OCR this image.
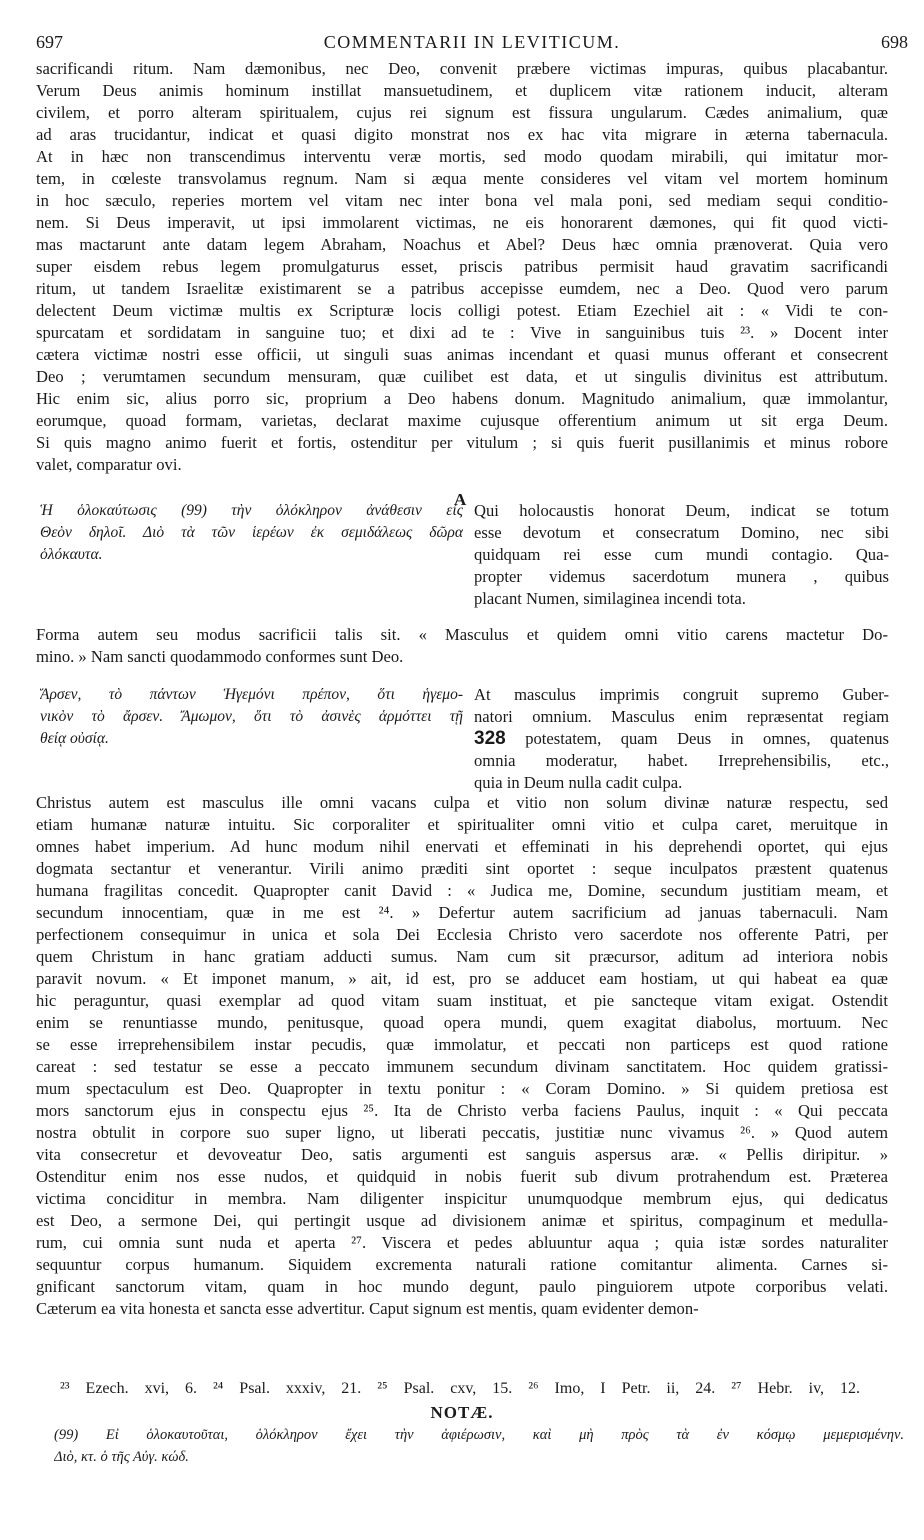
697	COMMENTARII IN LEVITICUM.	698
sacrificandi ritum. Nam dæmonibus, nec Deo, convenit præbere victimas impuras, quibus placabantur.
Verum Deus animis hominum instillat mansuetudinem, et duplicem vitæ rationem inducit, alteram
civilem, et porro alteram spiritualem, cujus rei signum est fissura ungularum. Cædes animalium, quæ
ad aras trucidantur, indicat et quasi digito monstrat nos ex hac vita migrare in æterna tabernacula.
At in hæc non transcendimus interventu veræ mortis, sed modo quodam mirabili, qui imitatur mor-
tem, in cœleste transvolamus regnum. Nam si æqua mente consideres vel vitam vel mortem hominum
in hoc sæculo, reperies mortem vel vitam nec inter bona vel mala poni, sed mediam sequi conditio-
nem. Si Deus imperavit, ut ipsi immolarent victimas, ne eis honorarent dæmones, qui fit quod victi-
mas mactarunt ante datam legem Abraham, Noachus et Abel? Deus hæc omnia prænoverat. Quia vero
super eisdem rebus legem promulgaturus esset, priscis patribus permisit haud gravatim sacrificandi
ritum, ut tandem Israelitæ existimarent se a patribus accepisse eumdem, nec a Deo. Quod vero parum
delectent Deum victimæ multis ex Scripturæ locis colligi potest. Etiam Ezechiel ait : « Vidi te con-
spurcatam et sordidatam in sanguine tuo; et dixi ad te : Vive in sanguinibus tuis ²³. » Docent inter
cætera victimæ nostri esse officii, ut singuli suas animas incendant et quasi munus offerant et consecrent
Deo ; verumtamen secundum mensuram, quæ cuilibet est data, et ut singulis divinitus est attributum.
Hic enim sic, alius porro sic, proprium a Deo habens donum. Magnitudo animalium, quæ immolantur,
eorumque, quoad formam, varietas, declarat maxime cujusque offerentium animum ut sit erga Deum.
Si quis magno animo fuerit et fortis, ostenditur per vitulum ; si quis fuerit pusillanimis et minus robore
valet, comparatur ovi.
Ἡ ὁλοκαύτωσις (99) τὴν ὁλόκληρον ἀνάθεσιν εἰς
Θεὸν δηλοῖ. Διὸ τὰ τῶν ἱερέων ἐκ σεμιδάλεως δῶρα
ὁλόκαυτα.
A
Qui holocaustis honorat Deum, indicat se totum
esse devotum et consecratum Domino, nec sibi
quidquam rei esse cum mundi contagio. Qua-
propter videmus sacerdotum munera , quibus
placant Numen, similaginea incendi tota.
Forma autem seu modus sacrificii talis sit. « Masculus et quidem omni vitio carens mactetur Do-
mino. » Nam sancti quodammodo conformes sunt Deo.
Ἄρσεν, τὸ πάντων Ἡγεμόνι πρέπον, ὅτι ἡγεμο-
νικὸν τὸ ἄρσεν. Ἄμωμον, ὅτι τὸ ἀσινὲς ἁρμόττει τῇ
θείᾳ οὐσίᾳ.
At masculus imprimis congruit supremo Guber-
natori omnium. Masculus enim repræsentat regiam
328 potestatem, quam Deus in omnes, quatenus
omnia moderatur, habet. Irreprehensibilis, etc.,
quia in Deum nulla cadit culpa.
Christus autem est masculus ille omni vacans culpa et vitio non solum divinæ naturæ respectu, sed
etiam humanæ naturæ intuitu. Sic corporaliter et spiritualiter omni vitio et culpa caret, meruitque in
omnes habet imperium. Ad hunc modum nihil enervati et effeminati in his deprehendi oportet, qui ejus
dogmata sectantur et venerantur. Virili animo præditi sint oportet : seque inculpatos præstent quatenus
humana fragilitas concedit. Quapropter canit David : « Judica me, Domine, secundum justitiam meam, et
secundum innocentiam, quæ in me est ²⁴. » Defertur autem sacrificium ad januas tabernaculi. Nam
perfectionem consequimur in unica et sola Dei Ecclesia Christo vero sacerdote nos offerente Patri, per
quem Christum in hanc gratiam adducti sumus. Nam cum sit præcursor, aditum ad interiora nobis
paravit novum. « Et imponet manum, » ait, id est, pro se adducet eam hostiam, ut qui habeat ea quæ
hic peraguntur, quasi exemplar ad quod vitam suam instituat, et pie sancteque vitam exigat. Ostendit
enim se renuntiasse mundo, penitusque, quoad opera mundi, quem exagitat diabolus, mortuum. Nec
se esse irreprehensibilem instar pecudis, quæ immolatur, et peccati non particeps est quod ratione
careat : sed testatur se esse a peccato immunem secundum divinam sanctitatem. Hoc quidem gratissi-
mum spectaculum est Deo. Quapropter in textu ponitur : « Coram Domino. » Si quidem pretiosa est
mors sanctorum ejus in conspectu ejus ²⁵. Ita de Christo verba faciens Paulus, inquit : « Qui peccata
nostra obtulit in corpore suo super ligno, ut liberati peccatis, justitiæ nunc vivamus ²⁶. » Quod autem
vita consecretur et devoveatur Deo, satis argumenti est sanguis aspersus aræ. « Pellis diripitur. »
Ostenditur enim nos esse nudos, et quidquid in nobis fuerit sub divum protrahendum est. Præterea
victima conciditur in membra. Nam diligenter inspicitur unumquodque membrum ejus, qui dedicatus
est Deo, a sermone Dei, qui pertingit usque ad divisionem animæ et spiritus, compaginum et medulla-
rum, cui omnia sunt nuda et aperta ²⁷. Viscera et pedes abluuntur aqua ; quia istæ sordes naturaliter
sequuntur corpus humanum. Siquidem excrementa naturali ratione comitantur alimenta. Carnes si-
gnificant sanctorum vitam, quam in hoc mundo degunt, paulo pinguiorem utpote corporibus velati.
Cæterum ea vita honesta et sancta esse advertitur. Caput signum est mentis, quam evidenter demon-
²³ Ezech. xvi, 6. ²⁴ Psal. xxxiv, 21. ²⁵ Psal. cxv, 15. ²⁶ Imo, I Petr. ii, 24. ²⁷ Hebr. iv, 12.
NOTÆ.
(99) Εἰ ὁλοκαυτοῦται, ὁλόκληρον ἔχει τὴν ἀφιέρωσιν, καὶ μὴ πρὸς τὰ ἐν κόσμῳ μεμερισμένην.
Διὸ, κτ. ὁ τῆς Αὐγ. κώδ.
